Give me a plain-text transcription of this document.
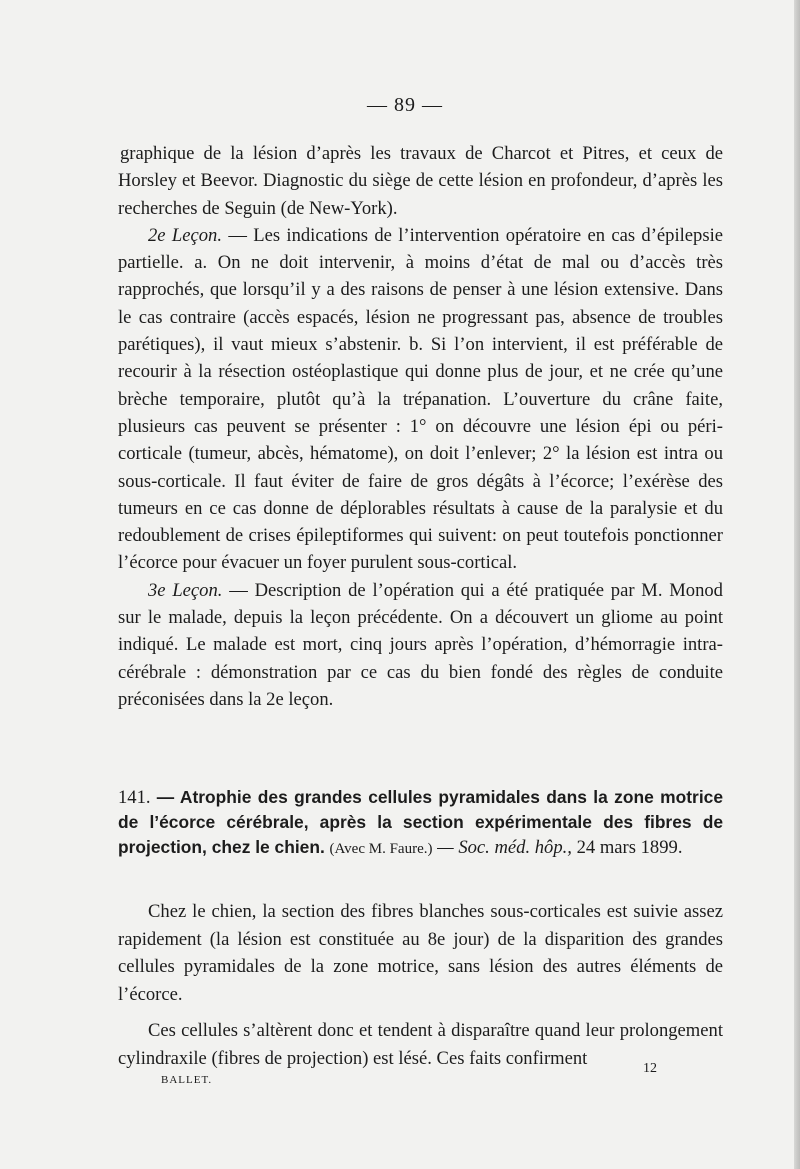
— 89 —

graphique de la lésion d’après les travaux de Charcot et Pitres, et ceux de Horsley et Beevor. Diagnostic du siège de cette lésion en profondeur, d’après les recherches de Seguin (de New-York).

2e Leçon. — Les indications de l’intervention opératoire en cas d’épilepsie partielle. a. On ne doit intervenir, à moins d’état de mal ou d’accès très rapprochés, que lorsqu’il y a des raisons de penser à une lésion extensive. Dans le cas contraire (accès espacés, lésion ne progressant pas, absence de troubles parétiques), il vaut mieux s’abstenir. b. Si l’on intervient, il est préférable de recourir à la résection ostéoplastique qui donne plus de jour, et ne crée qu’une brèche temporaire, plutôt qu’à la trépanation. L’ouverture du crâne faite, plusieurs cas peuvent se présenter : 1° on découvre une lésion épi ou péri-corticale (tumeur, abcès, hématome), on doit l’enlever; 2° la lésion est intra ou sous-corticale. Il faut éviter de faire de gros dégâts à l’écorce; l’exérèse des tumeurs en ce cas donne de déplorables résultats à cause de la paralysie et du redoublement de crises épileptiformes qui suivent: on peut toutefois ponctionner l’écorce pour évacuer un foyer purulent sous-cortical.

3e Leçon. — Description de l’opération qui a été pratiquée par M. Monod sur le malade, depuis la leçon précédente. On a découvert un gliome au point indiqué. Le malade est mort, cinq jours après l’opération, d’hémorragie intra-cérébrale : démonstration par ce cas du bien fondé des règles de conduite préconisées dans la 2e leçon.

141. — Atrophie des grandes cellules pyramidales dans la zone motrice de l’écorce cérébrale, après la section expérimentale des fibres de projection, chez le chien. (Avec M. Faure.) — Soc. méd. hôp., 24 mars 1899.

Chez le chien, la section des fibres blanches sous-corticales est suivie assez rapidement (la lésion est constituée au 8e jour) de la disparition des grandes cellules pyramidales de la zone motrice, sans lésion des autres éléments de l’écorce.

Ces cellules s’altèrent donc et tendent à disparaître quand leur prolongement cylindraxile (fibres de projection) est lésé. Ces faits confirment

BALLET.
12
